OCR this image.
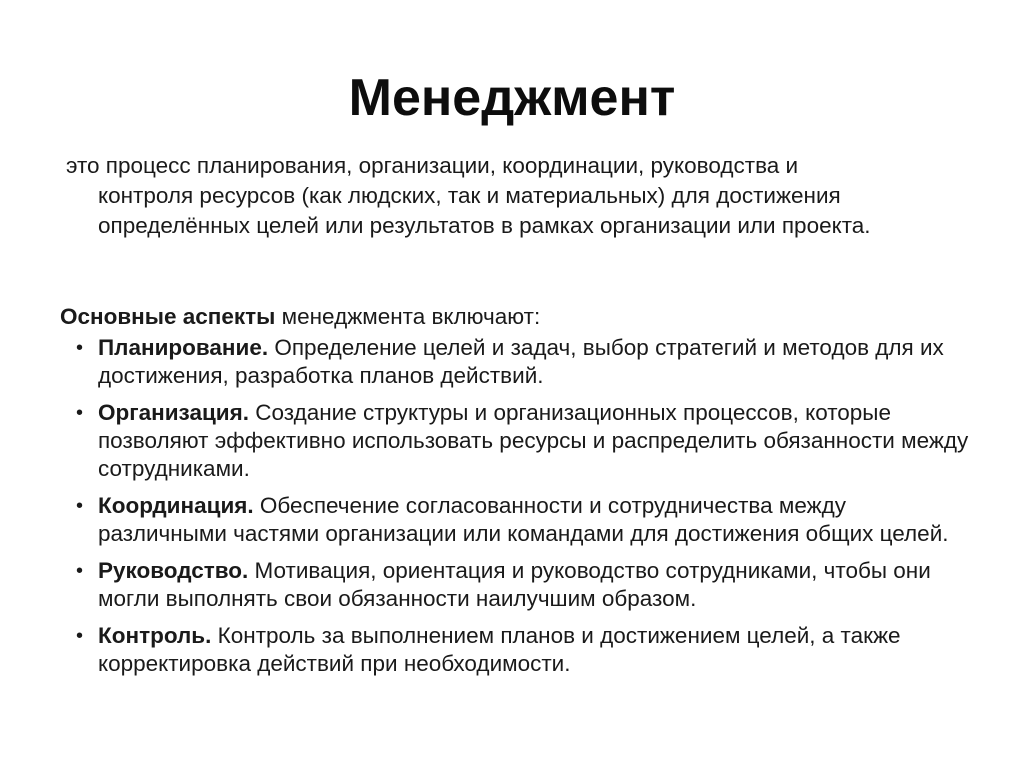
Менеджмент
это процесс планирования, организации, координации, руководства и
контроля ресурсов (как людских, так и материальных) для достижения определённых целей или результатов в рамках организации или проекта.
Основные аспекты менеджмента включают:
• Планирование. Определение целей и задач, выбор стратегий и методов для их достижения, разработка планов действий.
• Организация. Создание структуры и организационных процессов, которые позволяют эффективно использовать ресурсы и распределить обязанности между сотрудниками.
• Координация. Обеспечение согласованности и сотрудничества между различными частями организации или командами для достижения общих целей.
• Руководство. Мотивация, ориентация и руководство сотрудниками, чтобы они могли выполнять свои обязанности наилучшим образом.
• Контроль. Контроль за выполнением планов и достижением целей, а также корректировка действий при необходимости.
